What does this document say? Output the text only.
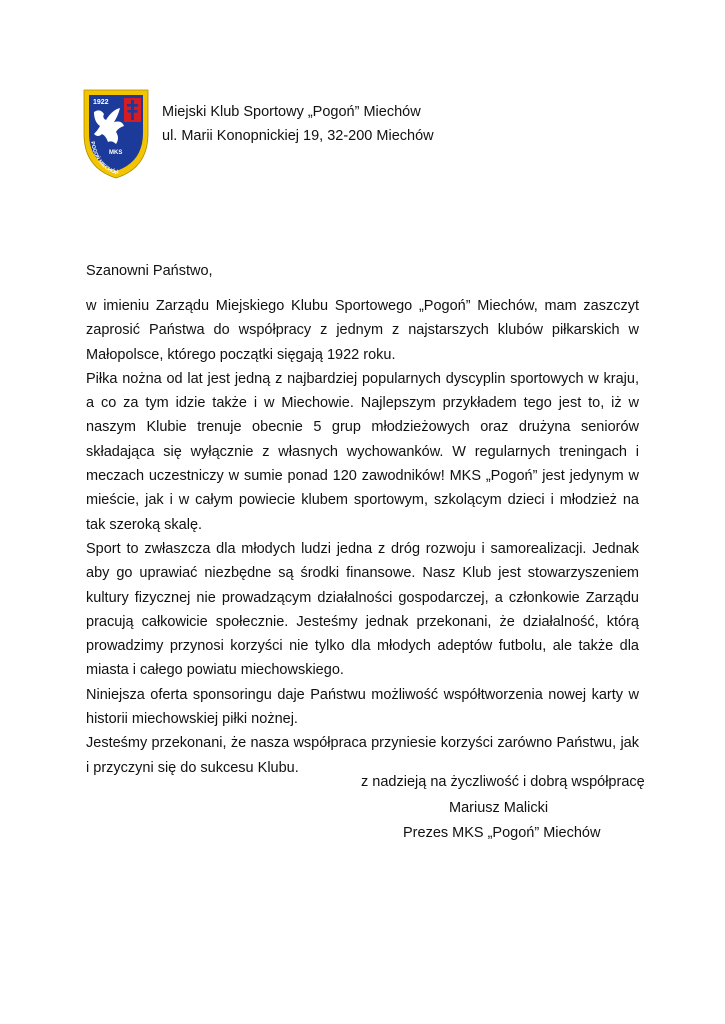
1922
MKS
POGOŃ MIECHÓW
Miejski Klub Sportowy „Pogoń” Miechów
ul. Marii Konopnickiej 19, 32-200 Miechów
Szanowni Państwo,

w imieniu Zarządu Miejskiego Klubu Sportowego „Pogoń” Miechów, mam zaszczyt zaprosić Państwa do współpracy z jednym z najstarszych klubów piłkarskich w Małopolsce, którego początki sięgają 1922 roku.

Piłka nożna od lat jest jedną z najbardziej popularnych dyscyplin sportowych w kraju, a co za tym idzie także i w Miechowie. Najlepszym przykładem tego jest to, iż w naszym Klubie trenuje obecnie 5 grup młodzieżowych oraz drużyna seniorów składająca się wyłącznie z własnych wychowanków. W regularnych treningach i meczach uczestniczy w sumie ponad 120 zawodników! MKS „Pogoń” jest jedynym w mieście, jak i w całym powiecie klubem sportowym, szkolącym dzieci i młodzież na tak szeroką skalę.

Sport to zwłaszcza dla młodych ludzi jedna z dróg rozwoju i samorealizacji. Jednak aby go uprawiać niezbędne są środki finansowe. Nasz Klub jest stowarzyszeniem kultury fizycznej nie prowadzącym działalności gospodarczej, a członkowie Zarządu pracują całkowicie społecznie. Jesteśmy jednak przekonani, że działalność, którą prowadzimy przynosi korzyści nie tylko dla młodych adeptów futbolu, ale także dla miasta i całego powiatu miechowskiego.

Niniejsza oferta sponsoringu daje Państwu możliwość współtworzenia nowej karty w historii miechowskiej piłki nożnej.

Jesteśmy przekonani, że nasza współpraca przyniesie korzyści zarówno Państwu, jak i przyczyni się do sukcesu Klubu.

z nadzieją na życzliwość i dobrą współpracę
Mariusz Malicki
Prezes MKS „Pogoń” Miechów
